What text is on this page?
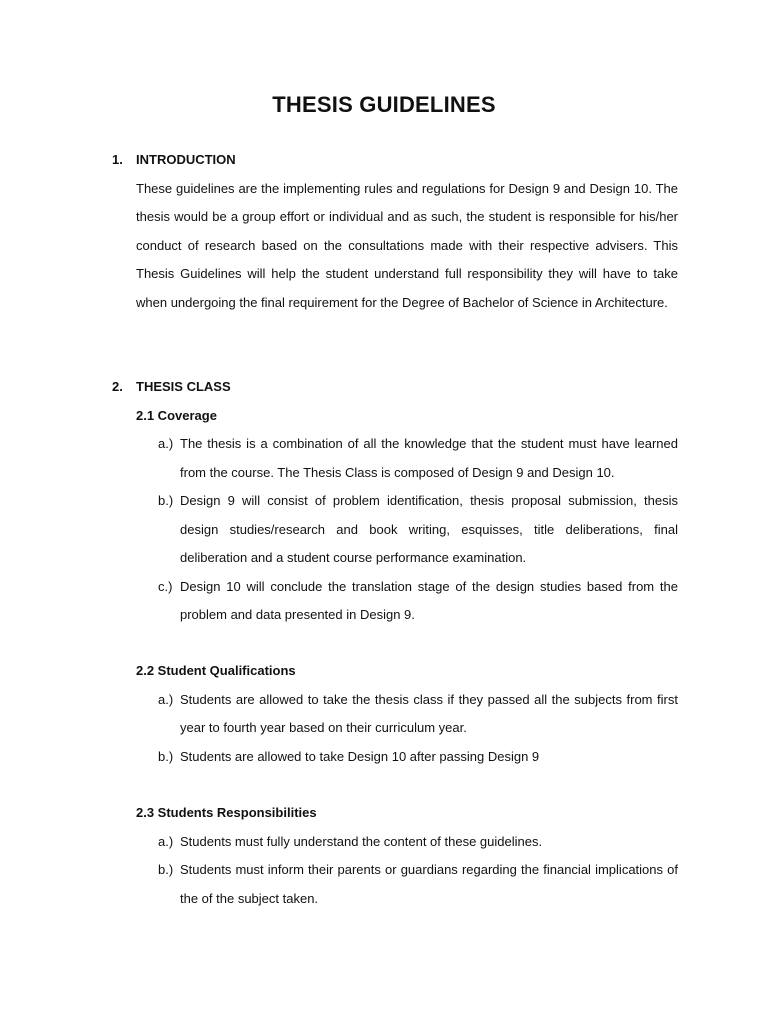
THESIS GUIDELINES
1.	INTRODUCTION
These guidelines are the implementing rules and regulations for Design 9 and Design 10. The thesis would be a group effort or individual and as such, the student is responsible for his/her conduct of research based on the consultations made with their respective advisers. This Thesis Guidelines will help the student understand full responsibility they will have to take when undergoing the final requirement for the Degree of Bachelor of Science in Architecture.
2.	THESIS CLASS
2.1 Coverage
a.) The thesis is a combination of all the knowledge that the student must have learned from the course. The Thesis Class is composed of Design 9 and Design 10.
b.) Design 9 will consist of problem identification, thesis proposal submission, thesis design studies/research and book writing, esquisses, title deliberations, final deliberation and a student course performance examination.
c.) Design 10 will conclude the translation stage of the design studies based from the problem and data presented in Design 9.
2.2 Student Qualifications
a.) Students are allowed to take the thesis class if they passed all the subjects from first year to fourth year based on their curriculum year.
b.) Students are allowed to take Design 10 after passing Design 9
2.3 Students Responsibilities
a.) Students must fully understand the content of these guidelines.
b.) Students must inform their parents or guardians regarding the financial implications of the of the subject taken.
